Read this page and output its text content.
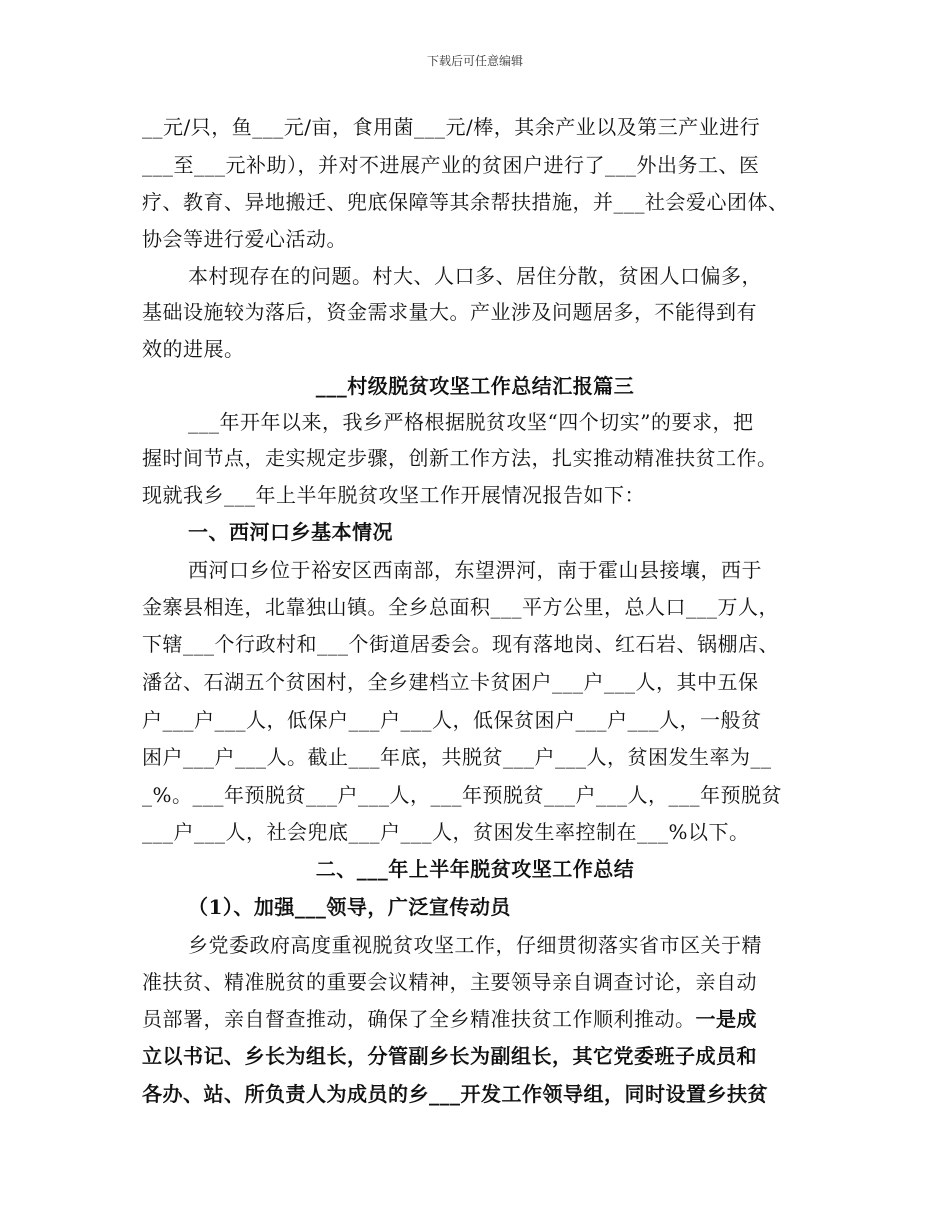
下载后可任意编辑
__元/只，鱼___元/亩，食用菌___元/棒，其余产业以及第三产业进行
___至___元补助），并对不进展产业的贫困户进行了___外出务工、医
疗、教育、异地搬迁、兜底保障等其余帮扶措施，并___社会爱心团体、
协会等进行爱心活动。
本村现存在的问题。村大、人口多、居住分散，贫困人口偏多，
基础设施较为落后，资金需求量大。产业涉及问题居多，不能得到有
效的进展。
___村级脱贫攻坚工作总结汇报篇三
___年开年以来，我乡严格根据脱贫攻坚“四个切实”的要求，把
握时间节点，走实规定步骤，创新工作方法，扎实推动精准扶贫工作。
现就我乡___年上半年脱贫攻坚工作开展情况报告如下：
一、西河口乡基本情况
西河口乡位于裕安区西南部，东望淠河，南于霍山县接壤，西于
金寨县相连，北靠独山镇。全乡总面积___平方公里，总人口___万人，
下辖___个行政村和___个街道居委会。现有落地岗、红石岩、锅棚店、
潘岔、石湖五个贫困村，全乡建档立卡贫困户___户___人，其中五保
户___户___人，低保户___户___人，低保贫困户___户___人，一般贫
困户___户___人。截止___年底，共脱贫___户___人，贫困发生率为__
_%。___年预脱贫___户___人，___年预脱贫___户___人，___年预脱贫
___户___人，社会兜底___户___人，贫困发生率控制在___%以下。
二、___年上半年脱贫攻坚工作总结
（1）、加强___领导，广泛宣传动员
乡党委政府高度重视脱贫攻坚工作，仔细贯彻落实省市区关于精
准扶贫、精准脱贫的重要会议精神，主要领导亲自调查讨论，亲自动
员部署，亲自督查推动，确保了全乡精准扶贫工作顺利推动。一是成
立以书记、乡长为组长，分管副乡长为副组长，其它党委班子成员和
各办、站、所负责人为成员的乡___开发工作领导组，同时设置乡扶贫
